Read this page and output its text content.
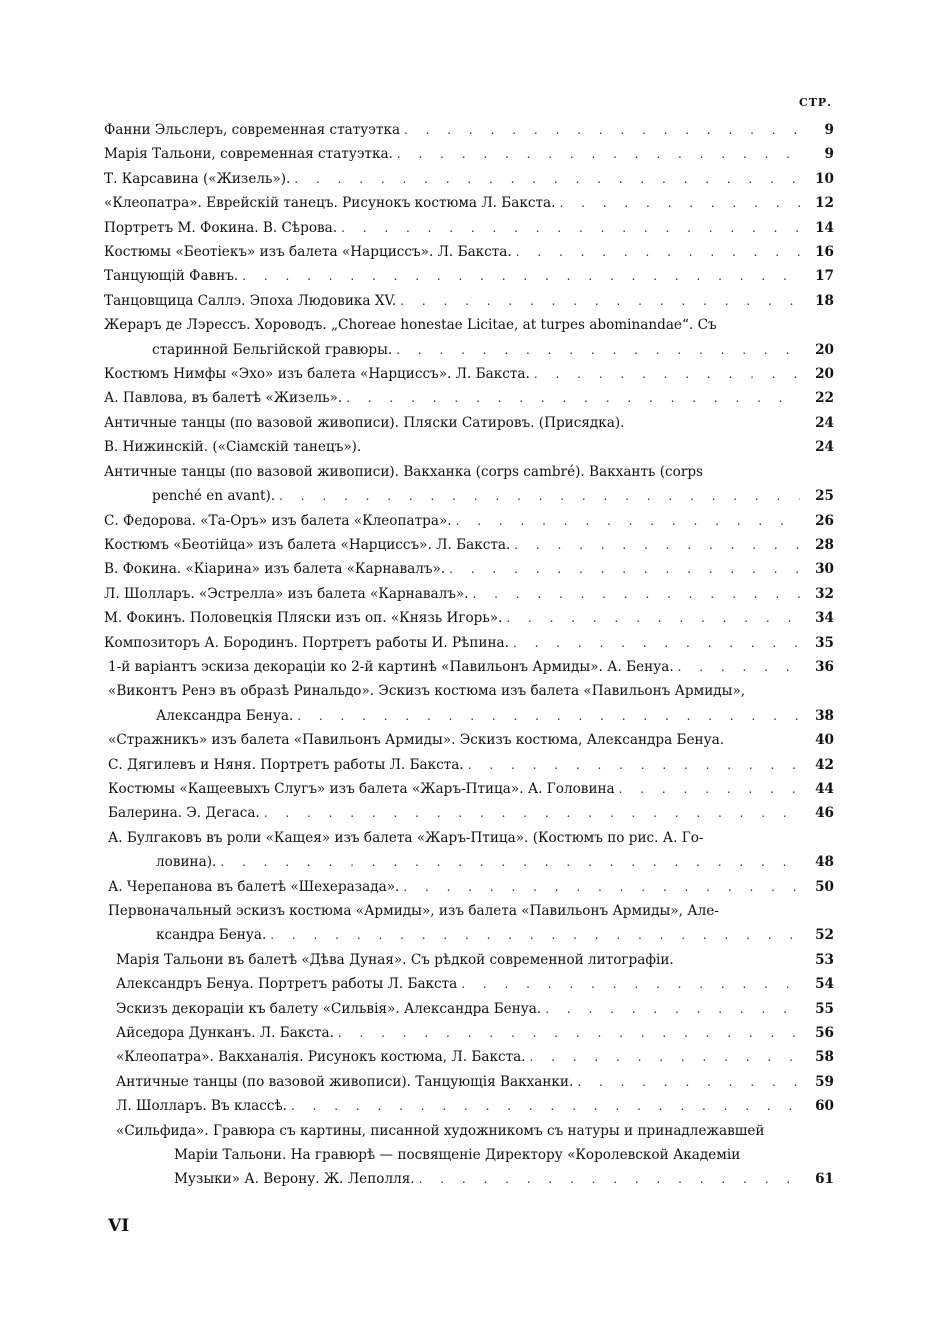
СТР.
Фанни Эльслеръ, современная статуэтка . . .	9
Марія Тальони, современная статуэтка. . . .	9
Т. Карсавина («Жизель»). . . .	10
«Клеопатра». Еврейскій танецъ. Рисунокъ костюма Л. Бакста. . . .	12
Портретъ М. Фокина. В. Сѣрова. . . .	14
Костюмы «Беотіекъ» изъ балета «Нарциссъ». Л. Бакста. . . .	16
Танцующій Фавнъ. . . .	17
Танцовщица Саллэ. Эпоха Людовика XV. . . .	18
Жераръ де Лэрессъ. Хороводъ. „Choreae honestae Licitae, at turpes abominandae“. Съ
старинной Бельгійской гравюры. . . .	20
Костюмъ Нимфы «Эхо» изъ балета «Нарциссъ». Л. Бакста. . . .	20
А. Павлова, въ балетѣ «Жизель». . . .	22
Античные танцы (по вазовой живописи). Пляски Сатировъ. (Присядка).	24
В. Нижинскій. («Сіамскій танецъ»).	24
Античные танцы (по вазовой живописи). Вакханка (corps cambré). Вакханть (corps
penché en avant). . . .	25
С. Федорова. «Та-Оръ» изъ балета «Клеопатра». . . .	26
Костюмъ «Беотійца» изъ балета «Нарциссъ». Л. Бакста. . . .	28
В. Фокина. «Кіарина» изъ балета «Карнавалъ». . . .	30
Л. Шолларъ. «Эстрелла» изъ балета «Карнавалъ». . . .	32
М. Фокинъ. Половецкія Пляски изъ оп. «Князь Игорь». . . .	34
Композиторъ А. Бородинъ. Портретъ работы И. Рѣпина. . . .	35
1-й варіантъ эскиза декораціи ко 2-й картинѣ «Павильонъ Армиды». А. Бенуа. . . .	36
«Виконтъ Ренэ въ образѣ Ринальдо». Эскизъ костюма изъ балета «Павильонъ Армиды»,
Александра Бенуа. . . .	38
«Стражникъ» изъ балета «Павильонъ Армиды». Эскизъ костюма, Александра Бенуа.	40
С. Дягилевъ и Няня. Портретъ работы Л. Бакста. . . .	42
Костюмы «Кащеевыхъ Слугъ» изъ балета «Жаръ-Птица». А. Головина . . .	44
Балерина. Э. Дегаса. . . .	46
А. Булгаковъ въ роли «Кащея» изъ балета «Жаръ-Птица». (Костюмъ по рис. А. Го-
ловина). . . .	48
А. Черепанова въ балетѣ «Шехеразада». . . .	50
Первоначальный эскизъ костюма «Армиды», изъ балета «Павильонъ Армиды», Але-
ксандра Бенуа. . . .	52
Марія Тальони въ балетѣ «Дѣва Дуная». Съ рѣдкой современной литографіи.	53
Александръ Бенуа. Портретъ работы Л. Бакста . . .	54
Эскизъ декораціи къ балету «Сильвія». Александра Бенуа. . . .	55
Айседора Дунканъ. Л. Бакста. . . .	56
«Клеопатра». Вакханалія. Рисунокъ костюма, Л. Бакста. . . .	58
Античные танцы (по вазовой живописи). Танцующія Вакханки. . . .	59
Л. Шолларъ. Въ классѣ. . . .	60
«Сильфида». Гравюра съ картины, писанной художникомъ съ натуры и принадлежавшей
Маріи Тальони. На гравюрѣ — посвященіе Директору «Королевской Академіи
Музыки» А. Верону. Ж. Леполля. . . .	61
VI
